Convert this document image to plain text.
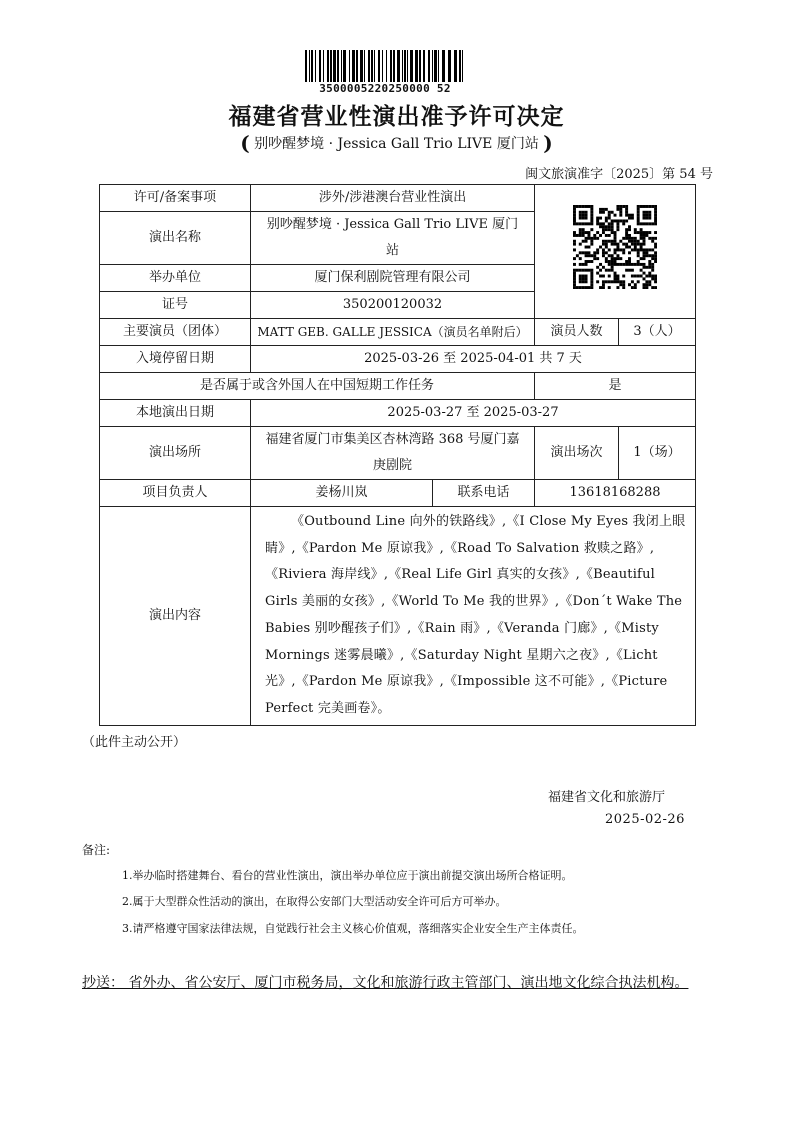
3500005220250000 52
福建省营业性演出准予许可决定
( 别吵醒梦境 · Jessica Gall Trio LIVE 厦门站 )
闽文旅演准字〔2025〕第 54 号
许可/备案事项	涉外/涉港澳台营业性演出	
演出名称	别吵醒梦境 · Jessica Gall Trio LIVE 厦门站			
举办单位	厦门保利剧院管理有限公司			
证号	350200120032			
主要演员（团体）	MATT GEB. GALLE JESSICA（演员名单附后）		演员人数	3（人）
入境停留日期	2025-03-26 至 2025-04-01 共 7 天			
是否属于或含外国人在中国短期工作任务			是	
本地演出日期	2025-03-27 至 2025-03-27			
演出场所	福建省厦门市集美区杏林湾路 368 号厦门嘉庚剧院		演出场次	1（场）
项目负责人	姜杨川岚	联系电话	13618168288	
演出内容	《Outbound Line 向外的铁路线》,《I Close My Eyes 我闭上眼睛》,《Pardon Me 原谅我》,《Road To Salvation 救赎之路》,《Riviera 海岸线》,《Real Life Girl 真实的女孩》,《Beautiful Girls 美丽的女孩》,《World To Me 我的世界》,《Don´t Wake The Babies 别吵醒孩子们》,《Rain 雨》,《Veranda 门廊》,《Misty Mornings 迷雾晨曦》,《Saturday Night 星期六之夜》,《Licht 光》,《Pardon Me 原谅我》,《Impossible 这不可能》,《Picture Perfect 完美画卷》。			
（此件主动公开）
福建省文化和旅游厅
2025-02-26
备注:
1.举办临时搭建舞台、看台的营业性演出，演出举办单位应于演出前提交演出场所合格证明。
2.属于大型群众性活动的演出，在取得公安部门大型活动安全许可后方可举办。
3.请严格遵守国家法律法规，自觉践行社会主义核心价值观，落细落实企业安全生产主体责任。
抄送： 省外办、省公安厅、厦门市税务局，文化和旅游行政主管部门、演出地文化综合执法机构。
